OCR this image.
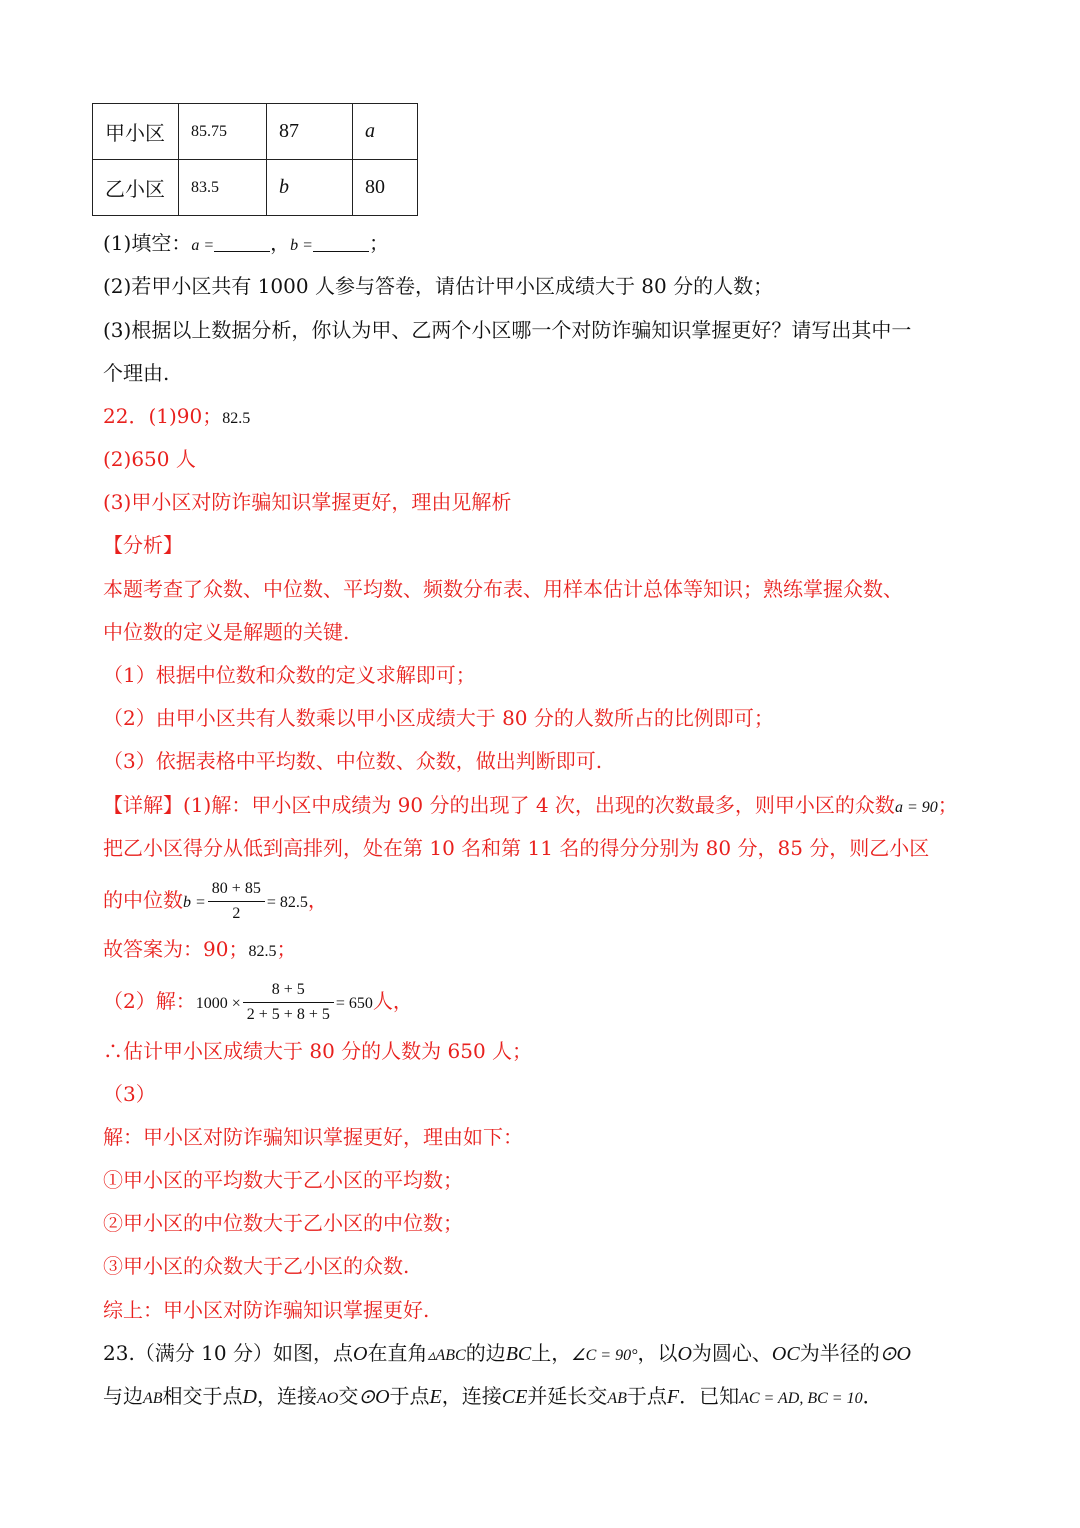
甲小区	85.75	87	a
乙小区	83.5	b	80
(1)填空：a =	，b =	；
(2)若甲小区共有 1000 人参与答卷，请估计甲小区成绩大于 80 分的人数；
(3)根据以上数据分析，你认为甲、乙两个小区哪一个对防诈骗知识掌握更好？请写出其中一
个理由.
22．(1)90；82.5
(2)650 人
(3)甲小区对防诈骗知识掌握更好，理由见解析
【分析】
本题考查了众数、中位数、平均数、频数分布表、用样本估计总体等知识；熟练掌握众数、
中位数的定义是解题的关键.
（1）根据中位数和众数的定义求解即可；
（2）由甲小区共有人数乘以甲小区成绩大于 80 分的人数所占的比例即可；
（3）依据表格中平均数、中位数、众数，做出判断即可.
【详解】(1)解：甲小区中成绩为 90 分的出现了 4 次，出现的次数最多，则甲小区的众数a = 90；
把乙小区得分从低到高排列，处在第 10 名和第 11 名的得分分别为 80 分，85 分，则乙小区
的中位数$b = \frac{80 + 85}{2} = 82.5$，
故答案为：90；82.5；
（2）解：$1000 \times \frac{8 + 5}{2 + 5 + 8 + 5} = 650$人，
∴估计甲小区成绩大于 80 分的人数为 650 人；
（3）
解：甲小区对防诈骗知识掌握更好，理由如下：
①甲小区的平均数大于乙小区的平均数；
②甲小区的中位数大于乙小区的中位数；
③甲小区的众数大于乙小区的众数.
综上：甲小区对防诈骗知识掌握更好.
23.（满分 10 分）如图，点O在直角▵ABC的边BC上，∠C = 90°，以O为圆心、OC为半径的⊙O
与边AB相交于点D，连接AO交⊙O于点E，连接CE并延长交AB于点F．已知AC = AD, BC = 10．
